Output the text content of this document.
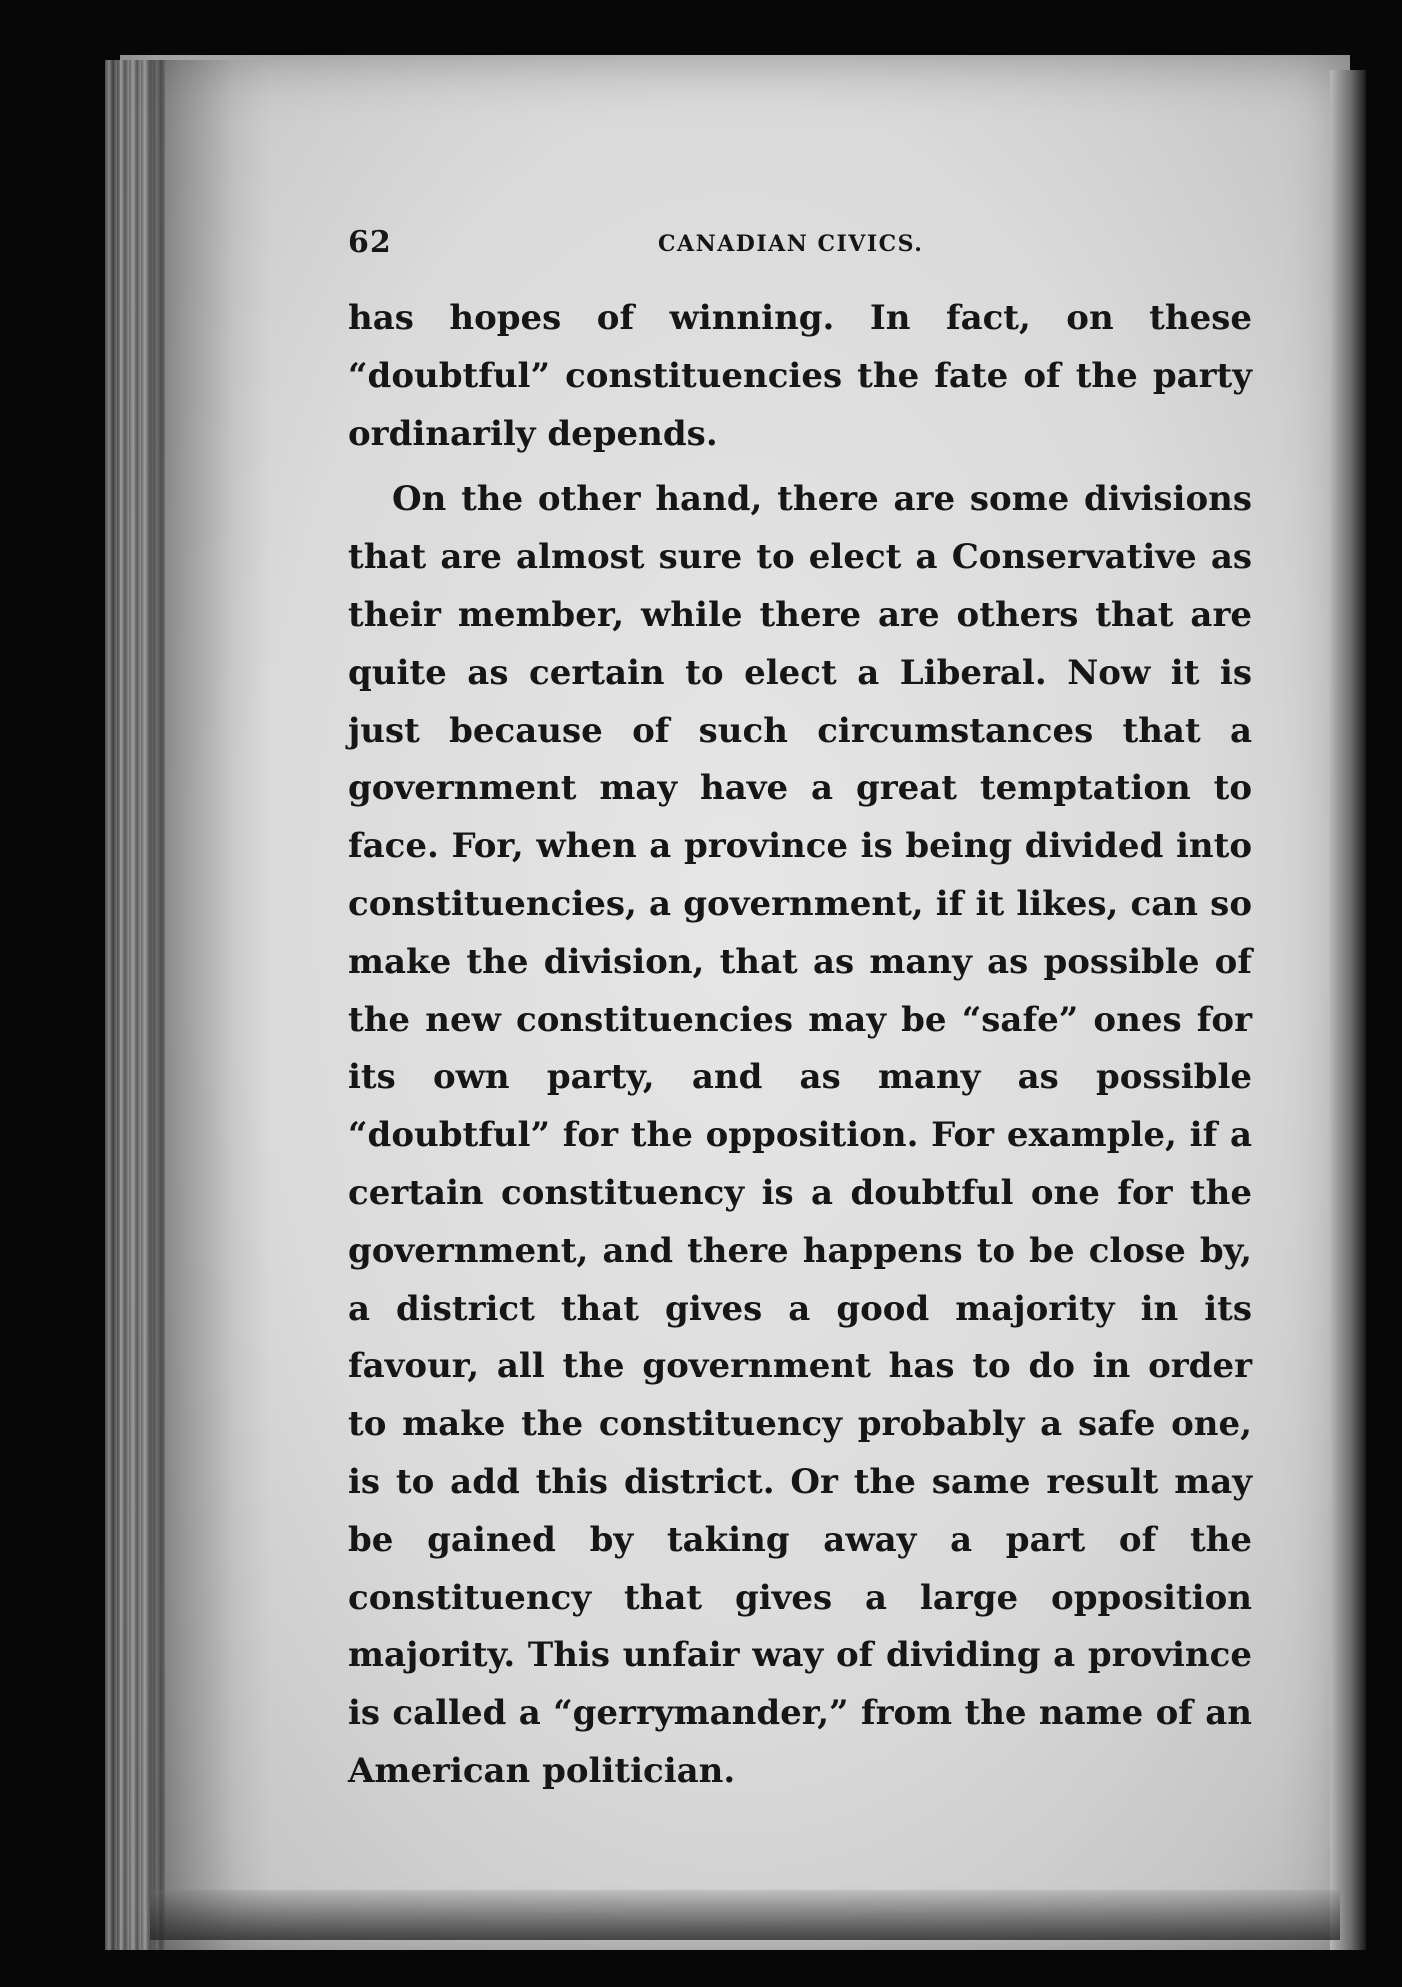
62	CANADIAN CIVICS.

has hopes of winning. In fact, on these “doubtful” constituencies the fate of the party ordinarily depends.

On the other hand, there are some divisions that are almost sure to elect a Conservative as their member, while there are others that are quite as certain to elect a Liberal. Now it is just because of such circumstances that a government may have a great temptation to face. For, when a province is being divided into constituencies, a government, if it likes, can so make the division, that as many as possible of the new constituencies may be “safe” ones for its own party, and as many as possible “doubtful” for the opposition. For example, if a certain constituency is a doubtful one for the government, and there happens to be close by, a district that gives a good majority in its favour, all the government has to do in order to make the constituency probably a safe one, is to add this district. Or the same result may be gained by taking away a part of the constituency that gives a large opposition majority. This unfair way of dividing a province is called a “gerrymander,” from the name of an American politician.
